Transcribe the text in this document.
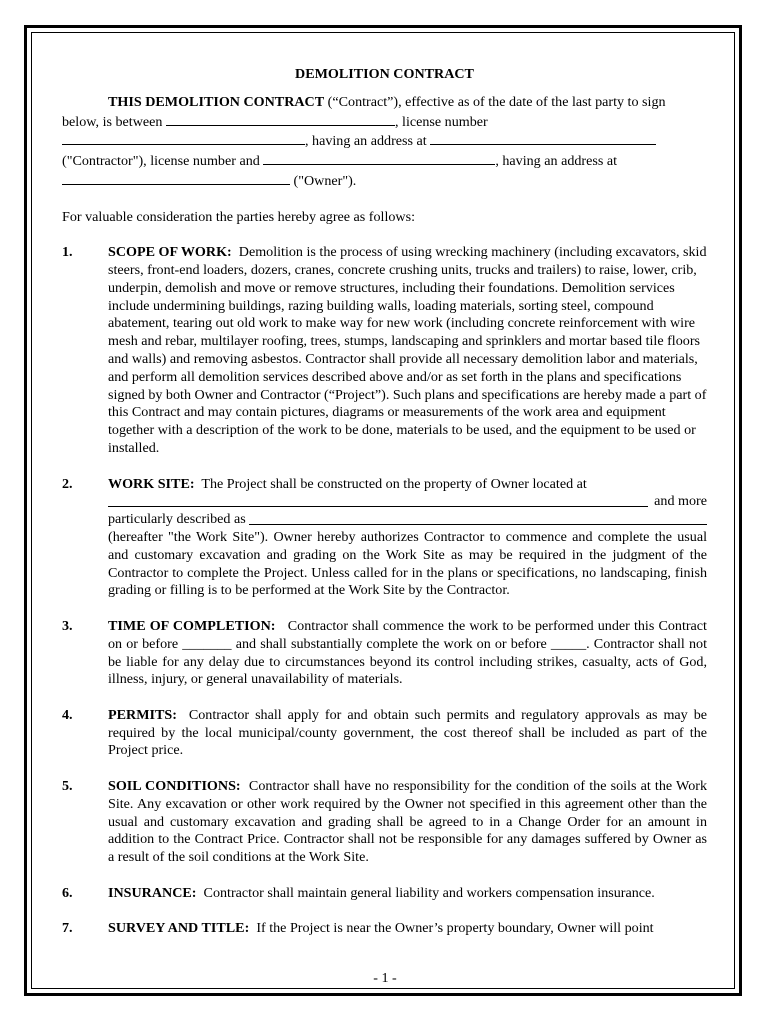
DEMOLITION CONTRACT

THIS DEMOLITION CONTRACT (“Contract”), effective as of the date of the last party to sign

below, is between	, license number

, having an address at

("Contractor"), license number and	, having an address at

("Owner").

For valuable consideration the parties hereby agree as follows:

1.	SCOPE OF WORK: Demolition is the process of using wrecking machinery (including excavators, skid steers, front-end loaders, dozers, cranes, concrete crushing units, trucks and trailers) to raise, lower, crib, underpin, demolish and move or remove structures, including their foundations. Demolition services include undermining buildings, razing building walls, loading materials, sorting steel, compound abatement, tearing out old work to make way for new work (including concrete reinforcement with wire mesh and rebar, multilayer roofing, trees, stumps, landscaping and sprinklers and mortar based tile floors and walls) and removing asbestos. Contractor shall provide all necessary demolition labor and materials, and perform all demolition services described above and/or as set forth in the plans and specifications signed by both Owner and Contractor (“Project”). Such plans and specifications are hereby made a part of this Contract and may contain pictures, diagrams or measurements of the work area and equipment together with a description of the work to be done, materials to be used, and the equipment to be used or installed.
2.	WORK SITE: The Project shall be constructed on the property of Owner located at
and more
particularly described as

(hereafter "the Work Site"). Owner hereby authorizes Contractor to commence and complete the usual and customary excavation and grading on the Work Site as may be required in the judgment of the Contractor to complete the Project. Unless called for in the plans or specifications, no landscaping, finish grading or filling is to be performed at the Work Site by the Contractor.
3.	TIME OF COMPLETION: Contractor shall commence the work to be performed under this Contract on or before _______ and shall substantially complete the work on or before _____. Contractor shall not be liable for any delay due to circumstances beyond its control including strikes, casualty, acts of God, illness, injury, or general unavailability of materials.
4.	PERMITS: Contractor shall apply for and obtain such permits and regulatory approvals as may be required by the local municipal/county government, the cost thereof shall be included as part of the Project price.
5.	SOIL CONDITIONS: Contractor shall have no responsibility for the condition of the soils at the Work Site. Any excavation or other work required by the Owner not specified in this agreement other than the usual and customary excavation and grading shall be agreed to in a Change Order for an amount in addition to the Contract Price. Contractor shall not be responsible for any damages suffered by Owner as a result of the soil conditions at the Work Site.
6.	INSURANCE: Contractor shall maintain general liability and workers compensation insurance.
7.	SURVEY AND TITLE: If the Project is near the Owner’s property boundary, Owner will point
- 1 -
